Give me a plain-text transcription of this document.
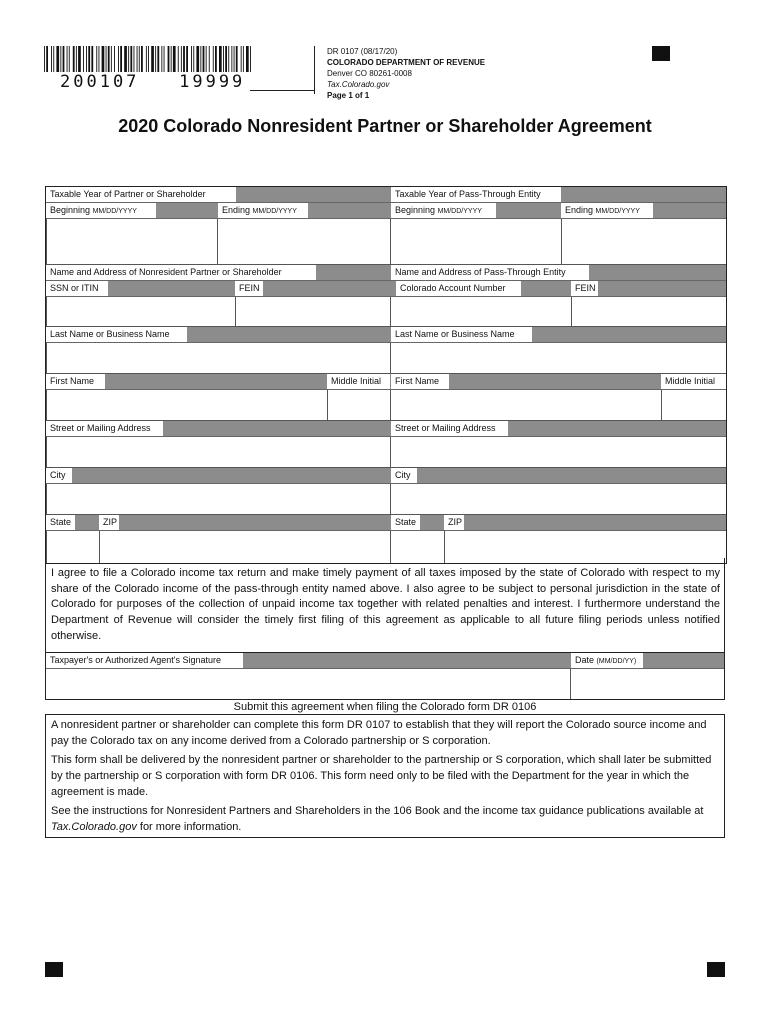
200107   19999
DR 0107 (08/17/20)
COLORADO DEPARTMENT OF REVENUE
Denver CO 80261-0008
Tax.Colorado.gov
Page 1 of 1
2020 Colorado Nonresident Partner or Shareholder Agreement
Taxable Year of Partner or Shareholder	Taxable Year of Pass-Through Entity
Beginning MM/DD/YYYY	Ending MM/DD/YYYY	Beginning MM/DD/YYYY	Ending MM/DD/YYYY
Name and Address of Nonresident Partner or Shareholder	Name and Address of Pass-Through Entity
SSN or ITIN	FEIN	Colorado Account Number	FEIN
Last Name or Business Name	Last Name or Business Name
First Name	Middle Initial	First Name	Middle Initial
Street or Mailing Address	Street or Mailing Address
City	City
State	ZIP	State	ZIP
I agree to file a Colorado income tax return and make timely payment of all taxes imposed by the state of Colorado with respect to my share of the Colorado income of the pass-through entity named above. I also agree to be subject to personal jurisdiction in the state of Colorado for purposes of the collection of unpaid income tax together with related penalties and interest. I furthermore understand the Department of Revenue will consider the timely first filing of this agreement as applicable to all future filing periods unless notified otherwise.
Taxpayer's or Authorized Agent's Signature	Date (MM/DD/YY)
Submit this agreement when filing the Colorado form DR 0106

A nonresident partner or shareholder can complete this form DR 0107 to establish that they will report the Colorado source income and pay the Colorado tax on any income derived from a Colorado partnership or S corporation.

This form shall be delivered by the nonresident partner or shareholder to the partnership or S corporation, which shall later be submitted by the partnership or S corporation with form DR 0106. This form need only to be filed with the Department for the year in which the agreement is made.

See the instructions for Nonresident Partners and Shareholders in the 106 Book and the income tax guidance publications available at Tax.Colorado.gov for more information.
